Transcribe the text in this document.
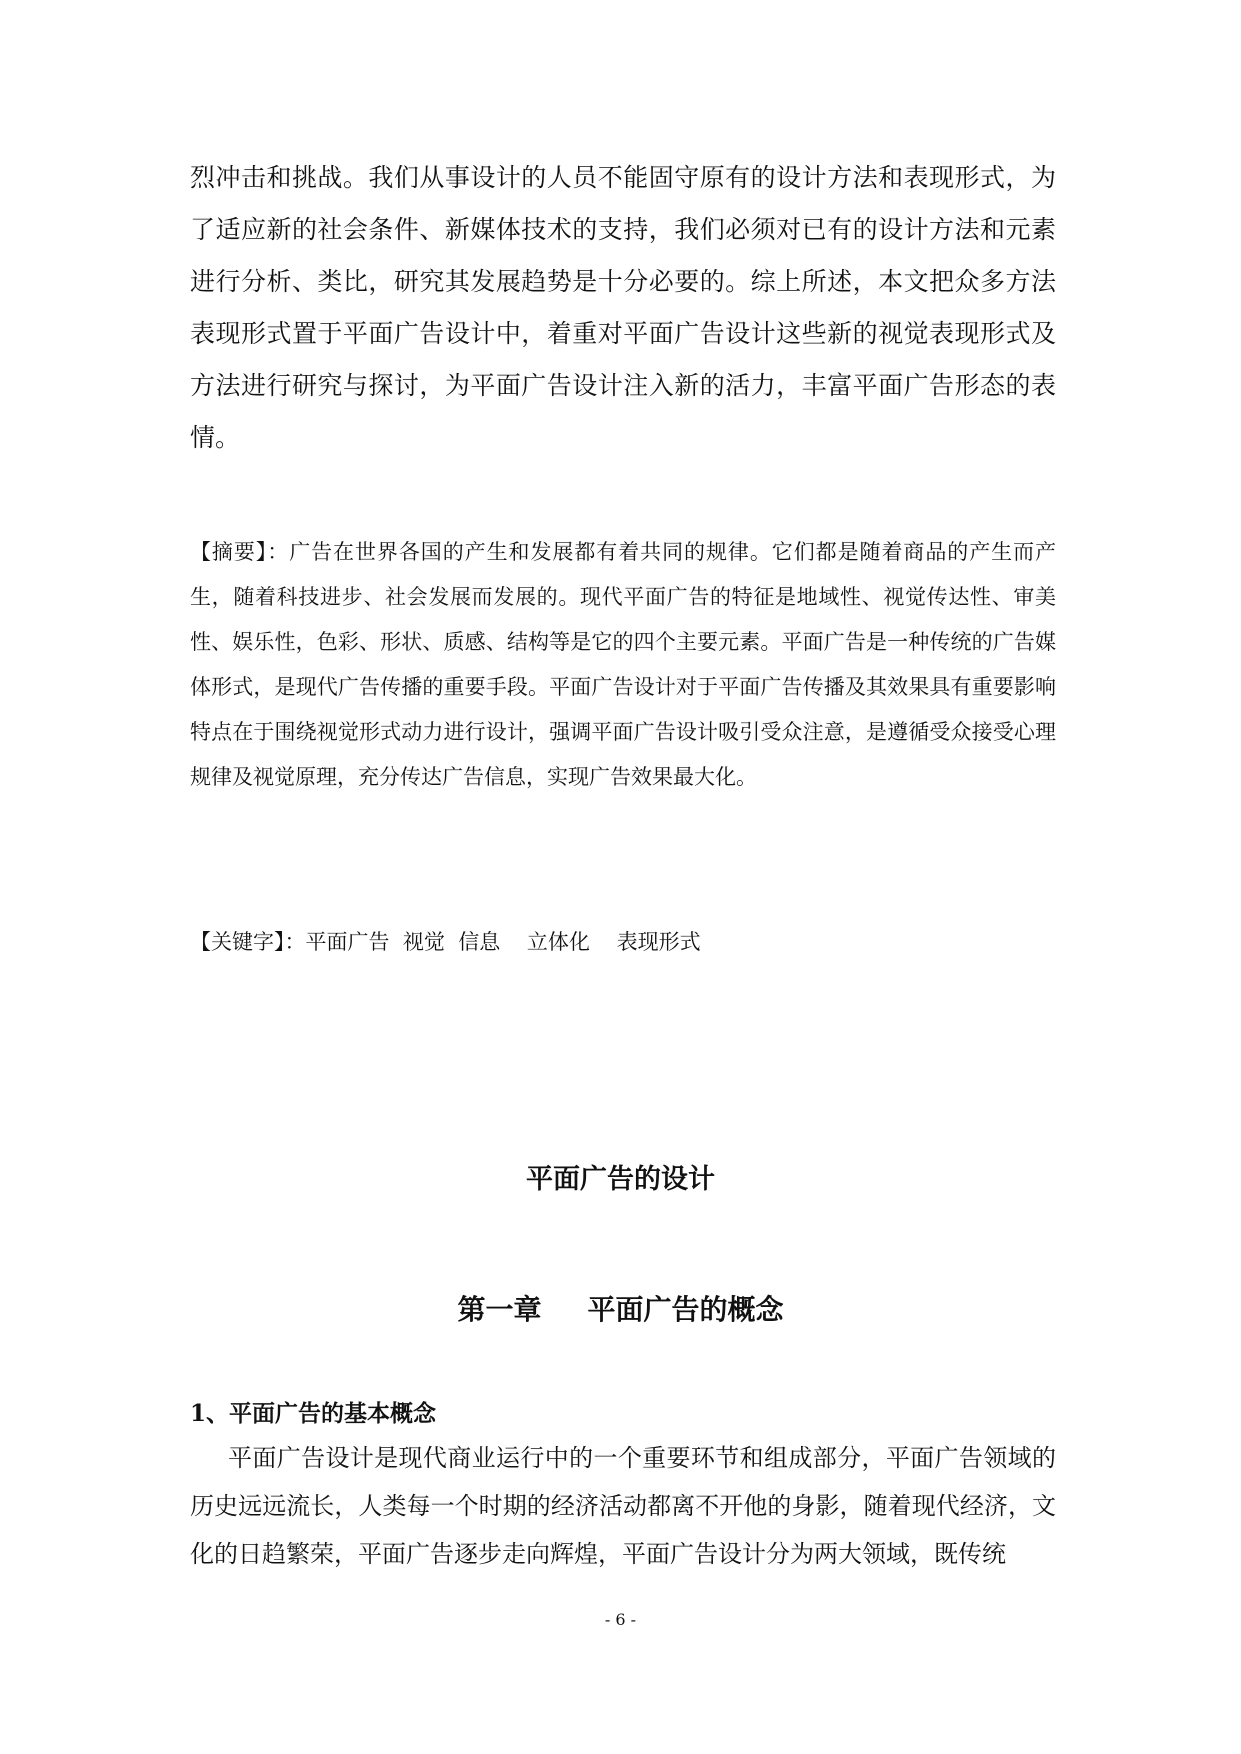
烈冲击和挑战。我们从事设计的人员不能固守原有的设计方法和表现形式，为了适应新的社会条件、新媒体技术的支持，我们必须对已有的设计方法和元素进行分析、类比，研究其发展趋势是十分必要的。综上所述，本文把众多方法表现形式置于平面广告设计中，着重对平面广告设计这些新的视觉表现形式及方法进行研究与探讨，为平面广告设计注入新的活力，丰富平面广告形态的表情。

【摘要】：广告在世界各国的产生和发展都有着共同的规律。它们都是随着商品的产生而产生，随着科技进步、社会发展而发展的。现代平面广告的特征是地域性、视觉传达性、审美性、娱乐性，色彩、形状、质感、结构等是它的四个主要元素。平面广告是一种传统的广告媒体形式，是现代广告传播的重要手段。平面广告设计对于平面广告传播及其效果具有重要影响特点在于围绕视觉形式动力进行设计，强调平面广告设计吸引受众注意，是遵循受众接受心理规律及视觉原理，充分传达广告信息，实现广告效果最大化。

【关键字】：平面广告  视觉  信息    立体化    表现形式

平面广告的设计
第一章 平面广告的概念
1、平面广告的基本概念

平面广告设计是现代商业运行中的一个重要环节和组成部分，平面广告领域的历史远远流长，人类每一个时期的经济活动都离不开他的身影，随着现代经济，文化的日趋繁荣，平面广告逐步走向辉煌，平面广告设计分为两大领域，既传统

- 6 -
